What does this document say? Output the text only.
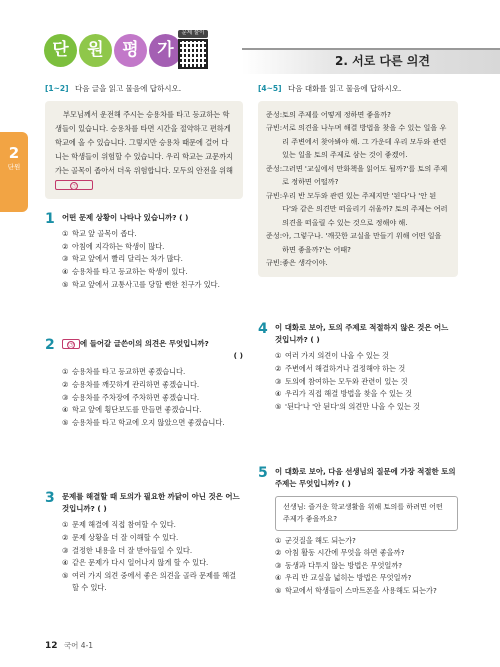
단	원	평	가
문제 풀이
2. 서로 다른 의견
2
단원
[1~2] 다음 글을 읽고 물음에 답하시오.
부모님께서 운전해 주시는 승용차를 타고 등교하는 학생들이 있습니다. 승용차를 타면 시간을 절약하고 편하게 학교에 올 수 있습니다. 그렇지만 승용차 때문에 걸어 다니는 학생들이 위험할 수 있습니다. 우리 학교는 교문까지 가는 골목이 좁아서 더욱 위험합니다. 모두의 안전을 위해 ㉠
1 어떤 문제 상황이 나타나 있습니까? ( )
① 학교 앞 골목이 좁다.
② 아침에 지각하는 학생이 많다.
③ 학교 앞에서 빨리 달리는 차가 많다.
④ 승용차를 타고 등교하는 학생이 있다.
⑤ 학교 앞에서 교통사고를 당할 뻔한 친구가 있다.
2	㉠ 에 들어갈 글쓴이의 의견은 무엇입니까?
( )
① 승용차를 타고 등교하면 좋겠습니다.
② 승용차를 깨끗하게 관리하면 좋겠습니다.
③ 승용차를 주차장에 주차하면 좋겠습니다.
④ 학교 앞에 횡단보도를 만들면 좋겠습니다.
⑤ 승용차를 타고 학교에 오지 않았으면 좋겠습니다.
3 문제를 해결할 때 토의가 필요한 까닭이 아닌 것은 어느 것입니까? ( )
① 문제 해결에 직접 참여할 수 있다.
② 문제 상황을 더 잘 이해할 수 있다.
③ 결정한 내용을 더 잘 받아들일 수 있다.
④ 같은 문제가 다시 일어나지 않게 할 수 있다.
⑤ 여러 가지 의견 중에서 좋은 의견을 골라 문제를 해결할 수 있다.
[4~5] 다음 대화를 읽고 물음에 답하시오.
준성: 토의 주제를 어떻게 정하면 좋을까?
규빈: 서로 의견을 나누며 해결 방법을 찾을 수 있는 일을 우리 주변에서 찾아봐야 해. 그 가운데 우리 모두와 관련 있는 일을 토의 주제로 삼는 것이 좋겠어.
준성: 그러면 '교실에서 만화책을 읽어도 될까?'를 토의 주제로 정하면 어떨까?
규빈: 우리 반 모두와 관련 있는 주제지만 '된다'나 '안 된다'와 같은 의견만 떠올리기 쉬울까? 토의 주제는 여러 의견을 떠올릴 수 있는 것으로 정해야 해.
준성: 아, 그렇구나. '깨끗한 교실을 만들기 위해 어떤 일을 하면 좋을까?'는 어때?
규빈: 좋은 생각이야.
4 이 대화로 보아, 토의 주제로 적절하지 않은 것은 어느 것입니까? ( )
① 여러 가지 의견이 나올 수 있는 것
② 주변에서 해결하거나 결정해야 하는 것
③ 토의에 참여하는 모두와 관련이 있는 것
④ 우리가 직접 해결 방법을 찾을 수 있는 것
⑤ '된다'나 '안 된다'의 의견만 나올 수 있는 것
5 이 대화로 보아, 다음 선생님의 질문에 가장 적절한 토의 주제는 무엇입니까? ( )
선생님: 즐거운 학교생활을 위해 토의를 하려면 어떤 주제가 좋을까요?
① 군것질을 해도 되는가?
② 아침 활동 시간에 무엇을 하면 좋을까?
③ 동생과 다투지 않는 방법은 무엇일까?
④ 우리 반 교실을 넓히는 방법은 무엇일까?
⑤ 학교에서 학생들이 스마트폰을 사용해도 되는가?
12 국어 4-1
